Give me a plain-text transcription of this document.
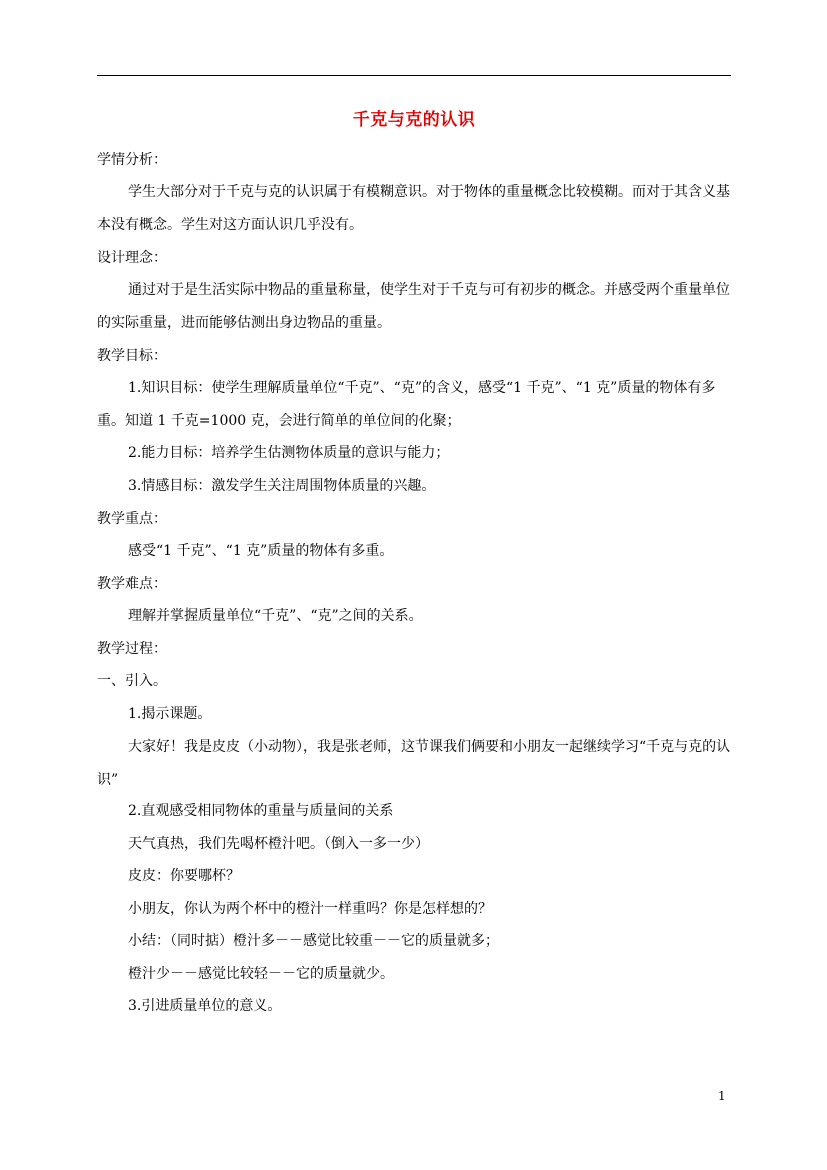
千克与克的认识
学情分析：
学生大部分对于千克与克的认识属于有模糊意识。对于物体的重量概念比较模糊。而对于其含义基本没有概念。学生对这方面认识几乎没有。
设计理念：
通过对于是生活实际中物品的重量称量，使学生对于千克与可有初步的概念。并感受两个重量单位的实际重量，进而能够估测出身边物品的重量。
教学目标：
1.知识目标：使学生理解质量单位“千克”、“克”的含义，感受“1 千克”、“1 克”质量的物体有多重。知道 1 千克=1000 克，会进行简单的单位间的化聚；
2.能力目标：培养学生估测物体质量的意识与能力；
3.情感目标：激发学生关注周围物体质量的兴趣。
教学重点：
感受“1 千克”、“1 克”质量的物体有多重。
教学难点：
理解并掌握质量单位“千克”、“克”之间的关系。
教学过程：
一、引入。
1.揭示课题。
大家好！我是皮皮（小动物），我是张老师，这节课我们俩要和小朋友一起继续学习“千克与克的认识”
2.直观感受相同物体的重量与质量间的关系
天气真热，我们先喝杯橙汁吧。（倒入一多一少）
皮皮：你要哪杯？
小朋友，你认为两个杯中的橙汁一样重吗？你是怎样想的？
小结：（同时掂）橙汁多－－感觉比较重－－它的质量就多；
橙汁少－－感觉比较轻－－它的质量就少。
3.引进质量单位的意义。
1
